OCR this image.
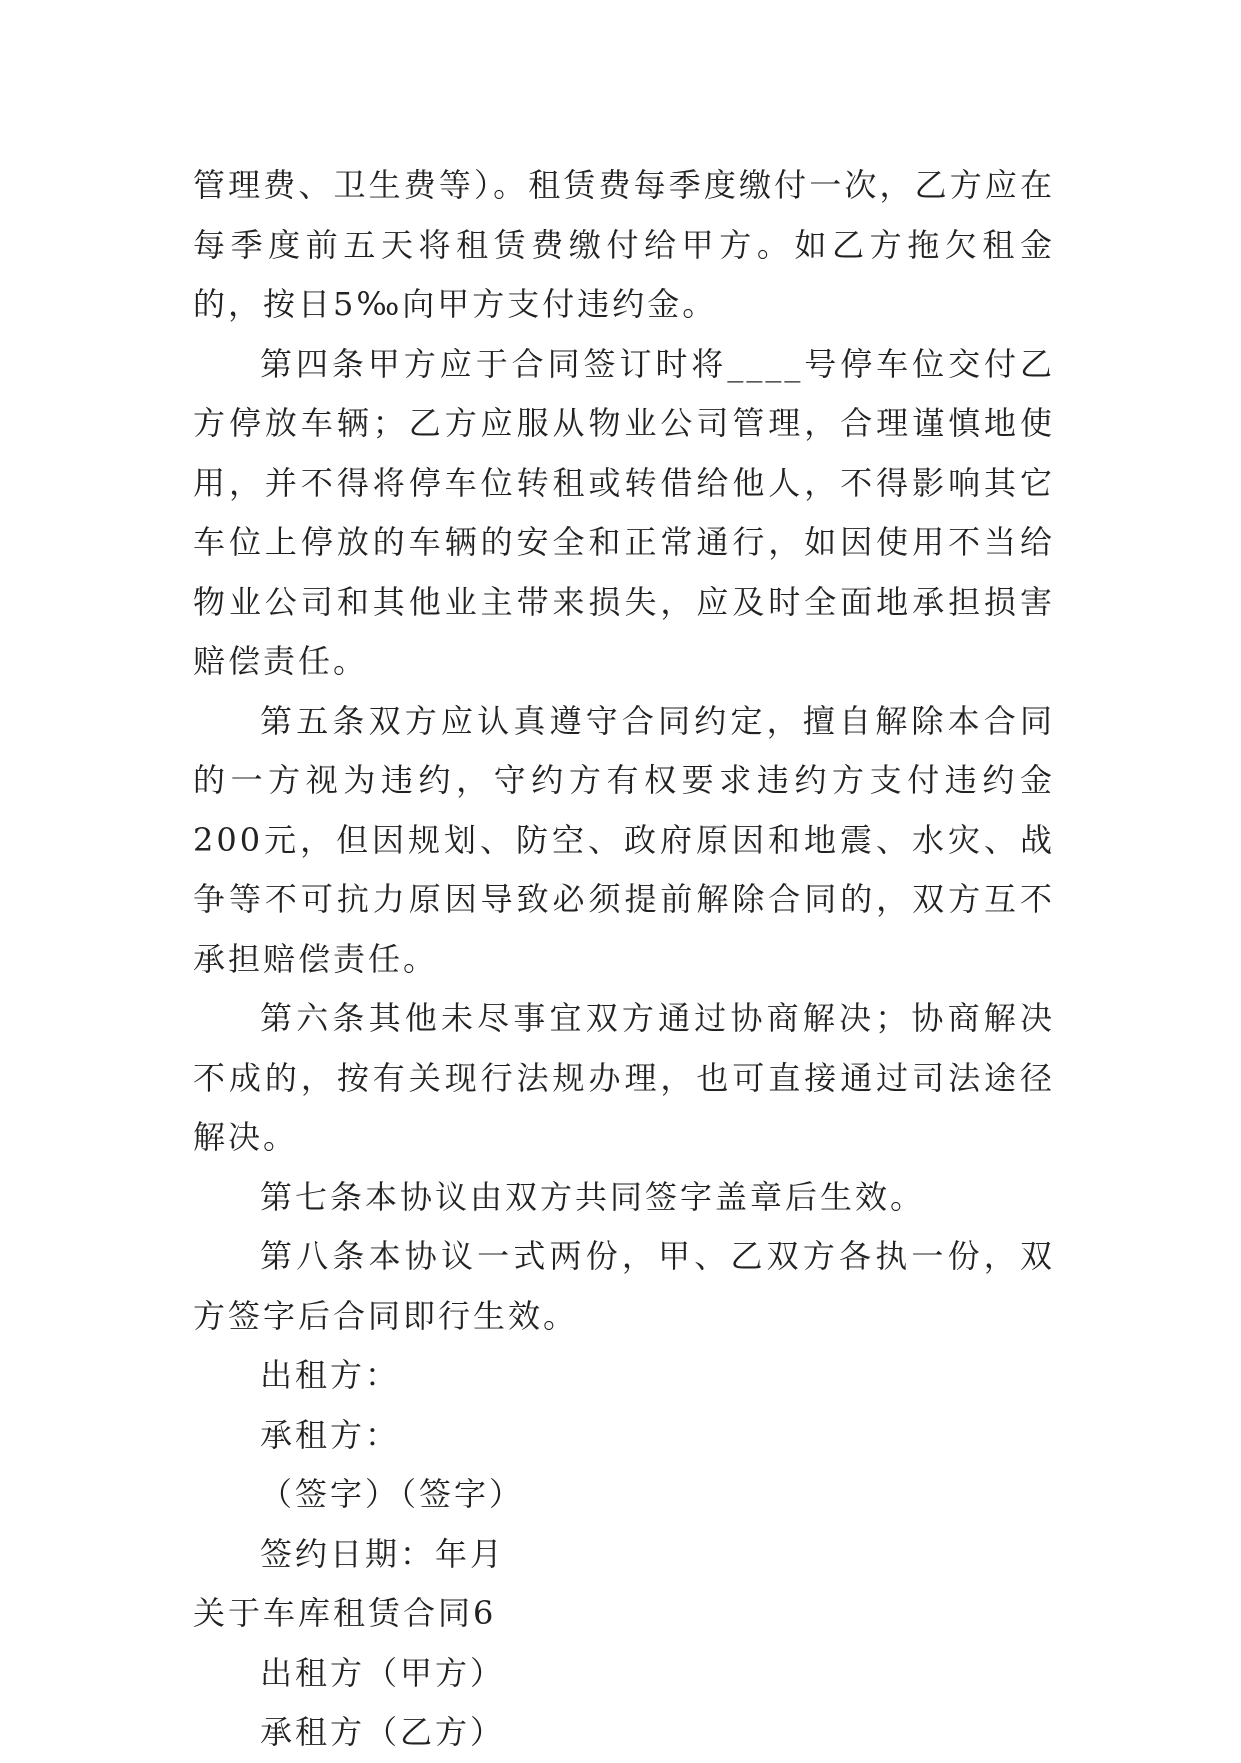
管理费、卫生费等）。租赁费每季度缴付一次，乙方应在每季度前五天将租赁费缴付给甲方。如乙方拖欠租金的，按日5‰向甲方支付违约金。

第四条甲方应于合同签订时将____号停车位交付乙方停放车辆；乙方应服从物业公司管理，合理谨慎地使用，并不得将停车位转租或转借给他人，不得影响其它车位上停放的车辆的安全和正常通行，如因使用不当给物业公司和其他业主带来损失，应及时全面地承担损害赔偿责任。

第五条双方应认真遵守合同约定，擅自解除本合同的一方视为违约，守约方有权要求违约方支付违约金200元，但因规划、防空、政府原因和地震、水灾、战争等不可抗力原因导致必须提前解除合同的，双方互不承担赔偿责任。

第六条其他未尽事宜双方通过协商解决；协商解决不成的，按有关现行法规办理，也可直接通过司法途径解决。

第七条本协议由双方共同签字盖章后生效。

第八条本协议一式两份，甲、乙双方各执一份，双方签字后合同即行生效。

出租方：

承租方：

（签字）（签字）

签约日期：年月

关于车库租赁合同6

出租方（甲方）

承租方（乙方）
